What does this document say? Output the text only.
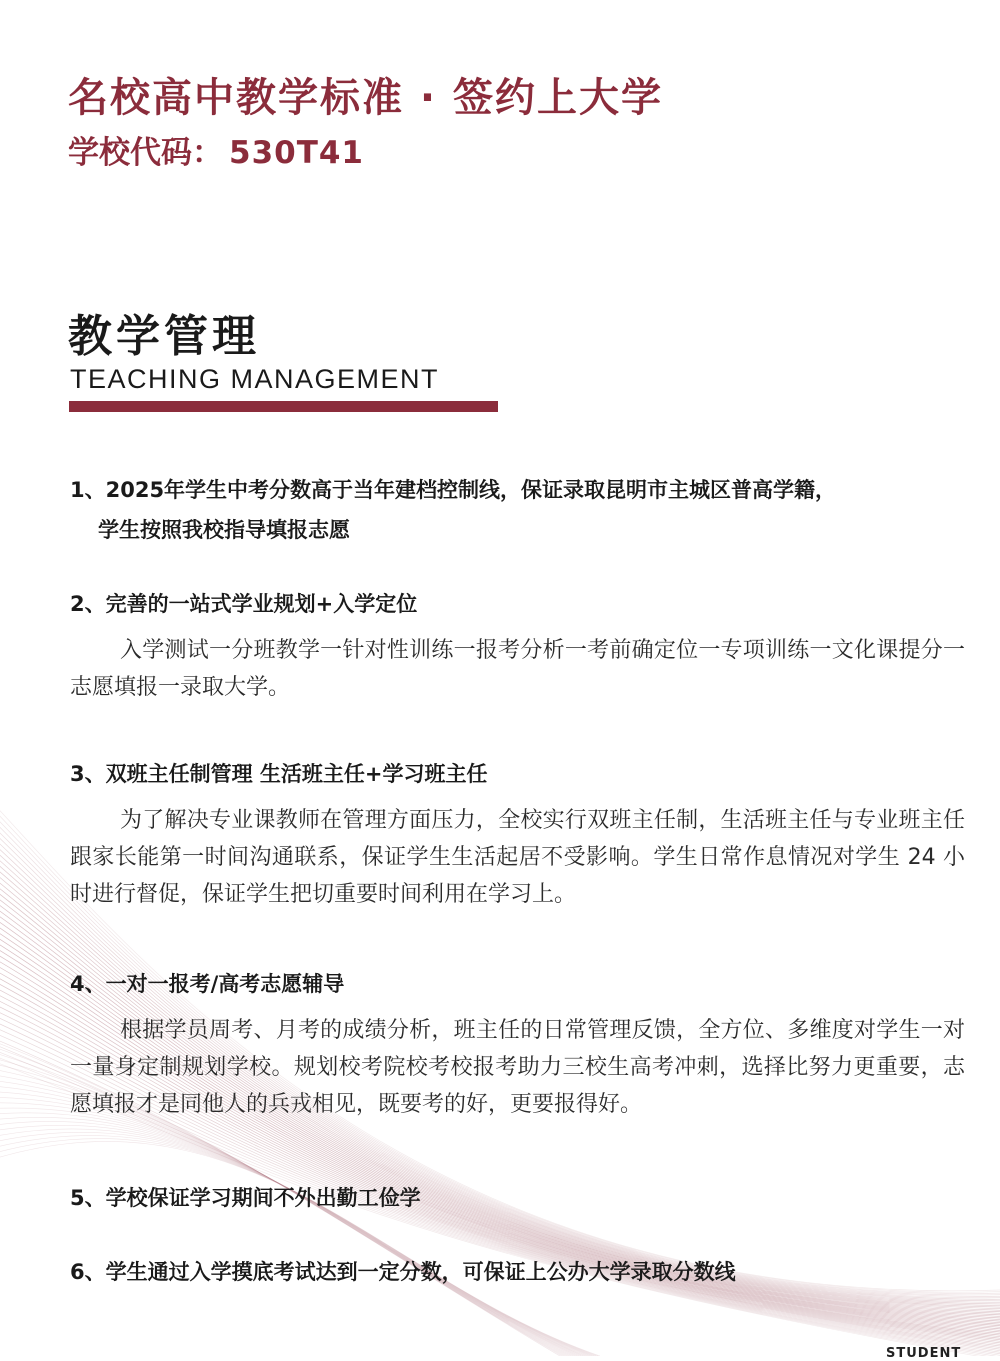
名校高中教学标准 · 签约上大学
学校代码： 530T41
教学管理
TEACHING MANAGEMENT
1、2025年学生中考分数高于当年建档控制线，保证录取昆明市主城区普高学籍，
学生按照我校指导填报志愿
2、完善的一站式学业规划+入学定位

入学测试一分班教学一针对性训练一报考分析一考前确定位一专项训练一文化课提分一志愿填报一录取大学。

3、双班主任制管理 生活班主任+学习班主任

为了解决专业课教师在管理方面压力，全校实行双班主任制，生活班主任与专业班主任跟家长能第一时间沟通联系，保证学生生活起居不受影响。学生日常作息情况对学生 24 小时进行督促，保证学生把切重要时间利用在学习上。

4、一对一报考/高考志愿辅导

根据学员周考、月考的成绩分析，班主任的日常管理反馈，全方位、多维度对学生一对一量身定制规划学校。规划校考院校考校报考助力三校生高考冲刺，选择比努力更重要，志愿填报才是同他人的兵戎相见，既要考的好，更要报得好。

5、学校保证学习期间不外出勤工俭学
6、学生通过入学摸底考试达到一定分数，可保证上公办大学录取分数线
STUDENT
